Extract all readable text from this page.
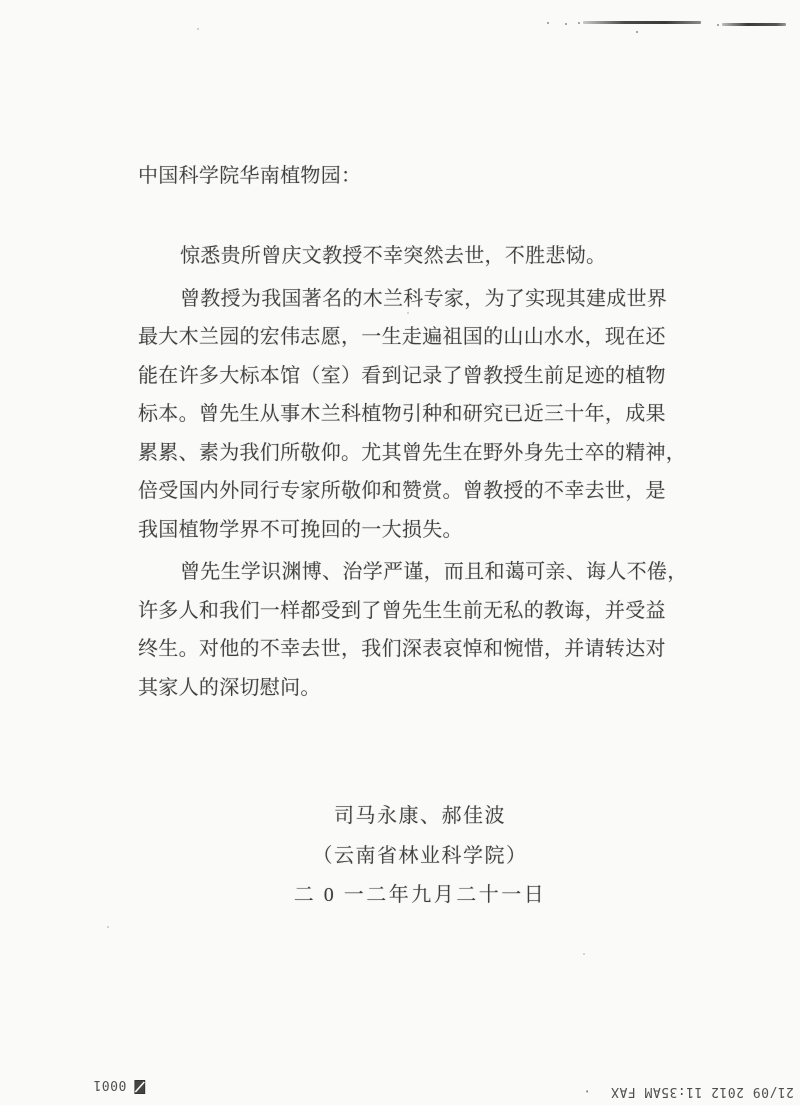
中国科学院华南植物园：
惊悉贵所曾庆文教授不幸突然去世，不胜悲恸。
曾教授为我国著名的木兰科专家，为了实现其建成世界
最大木兰园的宏伟志愿，一生走遍祖国的山山水水，现在还
能在许多大标本馆（室）看到记录了曾教授生前足迹的植物
标本。曾先生从事木兰科植物引种和研究已近三十年，成果
累累、素为我们所敬仰。尤其曾先生在野外身先士卒的精神，
倍受国内外同行专家所敬仰和赞赏。曾教授的不幸去世，是
我国植物学界不可挽回的一大损失。
曾先生学识渊博、治学严谨，而且和蔼可亲、诲人不倦，
许多人和我们一样都受到了曾先生生前无私的教诲，并受益
终生。对他的不幸去世，我们深表哀悼和惋惜，并请转达对
其家人的深切慰问。
司马永康、郝佳波
（云南省林业科学院）
二 0 一二年九月二十一日
0001	21/09 2012 11:35AM FAX
·
